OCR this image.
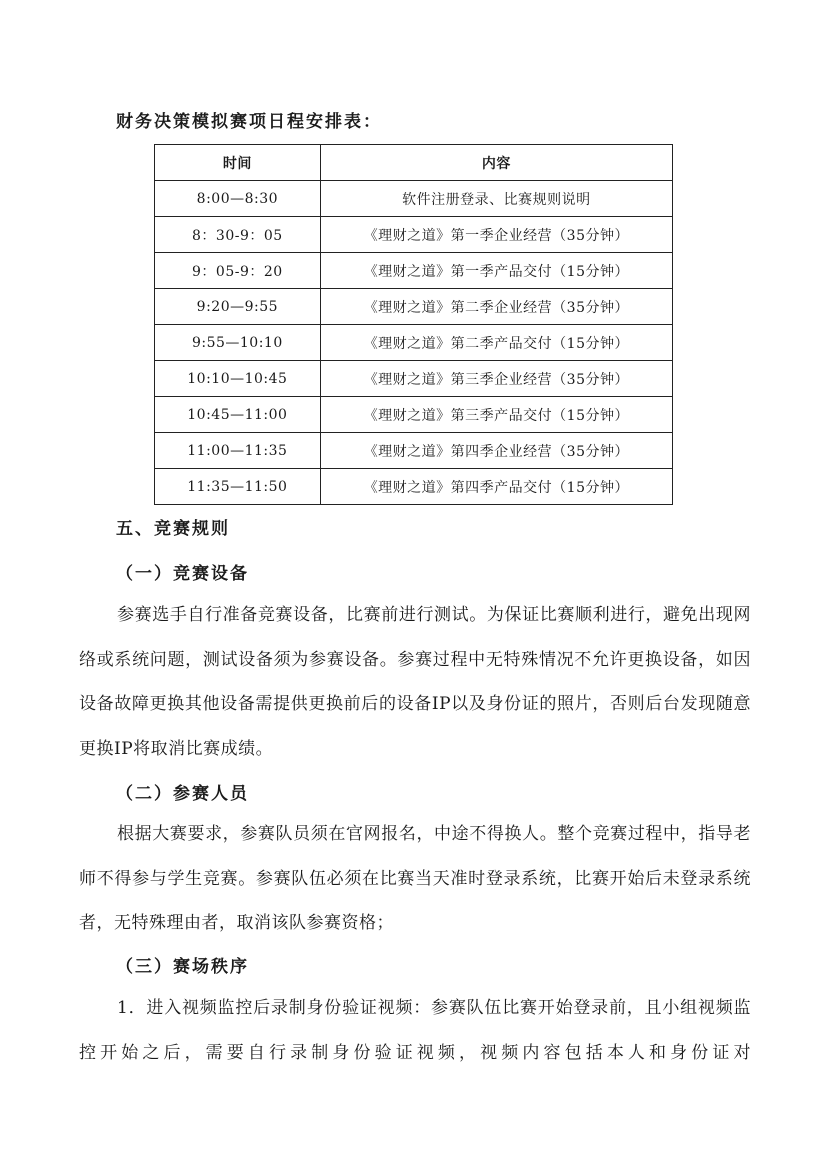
财务决策模拟赛项日程安排表：
时间	内容
8:00—8:30	软件注册登录、比赛规则说明
8：30-9：05	《理财之道》第一季企业经营（35分钟）
9：05-9：20	《理财之道》第一季产品交付（15分钟）
9:20—9:55	《理财之道》第二季企业经营（35分钟）
9:55—10:10	《理财之道》第二季产品交付（15分钟）
10:10—10:45	《理财之道》第三季企业经营（35分钟）
10:45—11:00	《理财之道》第三季产品交付（15分钟）
11:00—11:35	《理财之道》第四季企业经营（35分钟）
11:35—11:50	《理财之道》第四季产品交付（15分钟）
五、竞赛规则
（一）竞赛设备
参赛选手自行准备竞赛设备，比赛前进行测试。为保证比赛顺利进行，避免出现网络或系统问题，测试设备须为参赛设备。参赛过程中无特殊情况不允许更换设备，如因设备故障更换其他设备需提供更换前后的设备IP以及身份证的照片，否则后台发现随意更换IP将取消比赛成绩。
（二）参赛人员
根据大赛要求，参赛队员须在官网报名，中途不得换人。整个竞赛过程中，指导老师不得参与学生竞赛。参赛队伍必须在比赛当天准时登录系统，比赛开始后未登录系统者，无特殊理由者，取消该队参赛资格；
（三）赛场秩序
1．进入视频监控后录制身份验证视频：参赛队伍比赛开始登录前，且小组视频监控开始之后，需要自行录制身份验证视频，视频内容包括本人和身份证对
